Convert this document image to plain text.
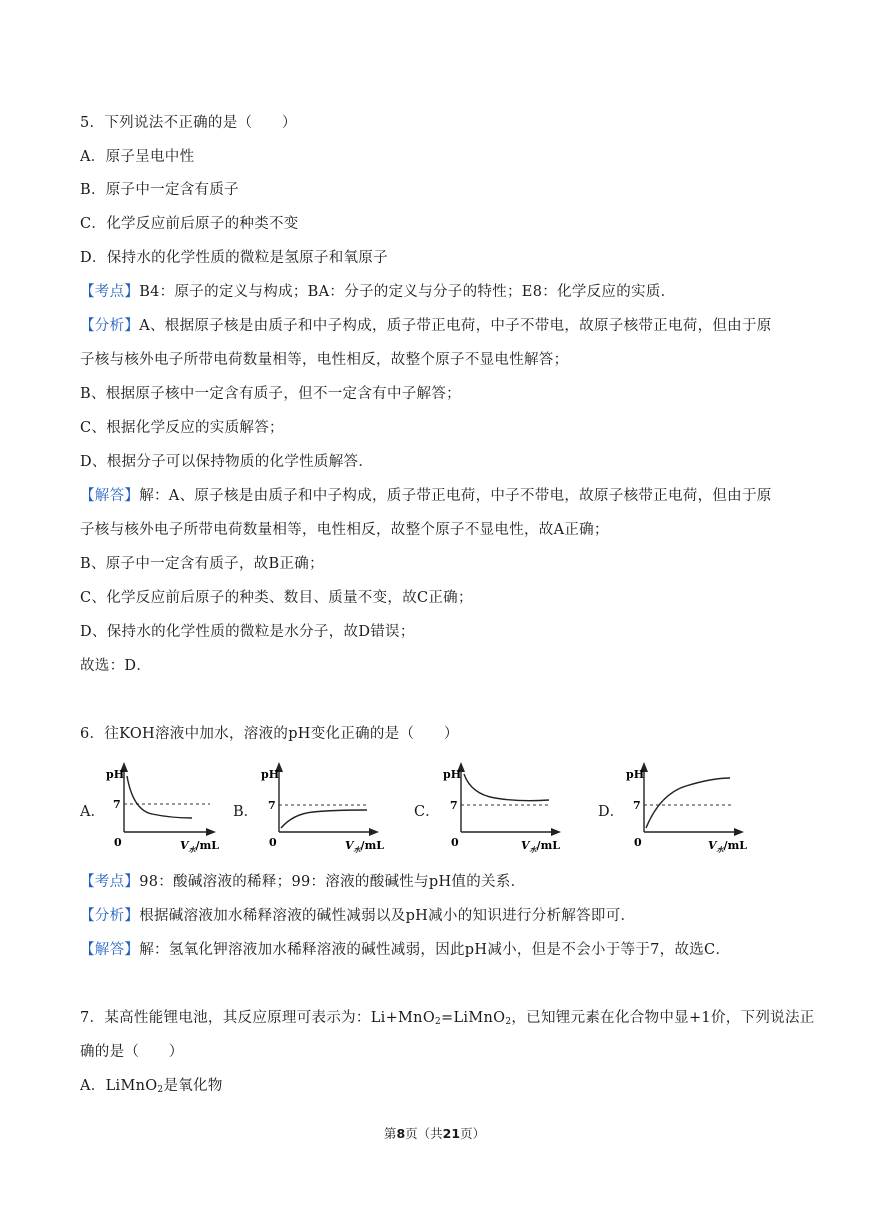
5．下列说法不正确的是（　　）
A．原子呈电中性
B．原子中一定含有质子
C．化学反应前后原子的种类不变
D．保持水的化学性质的微粒是氢原子和氧原子
【考点】B4：原子的定义与构成；BA：分子的定义与分子的特性；E8：化学反应的实质．
【分析】A、根据原子核是由质子和中子构成，质子带正电荷，中子不带电，故原子核带正电荷，但由于原
子核与核外电子所带电荷数量相等，电性相反，故整个原子不显电性解答；
B、根据原子核中一定含有质子，但不一定含有中子解答；
C、根据化学反应的实质解答；
D、根据分子可以保持物质的化学性质解答．
【解答】解：A、原子核是由质子和中子构成，质子带正电荷，中子不带电，故原子核带正电荷，但由于原
子核与核外电子所带电荷数量相等，电性相反，故整个原子不显电性，故A正确；
B、原子中一定含有质子，故B正确；
C、化学反应前后原子的种类、数目、质量不变，故C正确；
D、保持水的化学性质的微粒是水分子，故D错误；
故选：D．
6．往KOH溶液中加水，溶液的pH变化正确的是（　　）
A．	B．	C．	D．
pH
7
0	$V_水/mL$
pH
7
0	$V_水/mL$
pH
7
0	$V_水/mL$
pH
7
0	$V_水/mL$
【考点】98：酸碱溶液的稀释；99：溶液的酸碱性与pH值的关系．
【分析】根据碱溶液加水稀释溶液的碱性减弱以及pH减小的知识进行分析解答即可．
【解答】解：氢氧化钾溶液加水稀释溶液的碱性减弱，因此pH减小，但是不会小于等于7，故选C．
7．某高性能锂电池，其反应原理可表示为：Li+MnO$_2$=LiMnO$_2$，已知锂元素在化合物中显+1价，下列说法正
确的是（　　）
A．LiMnO$_2$是氧化物
第8页（共21页）
